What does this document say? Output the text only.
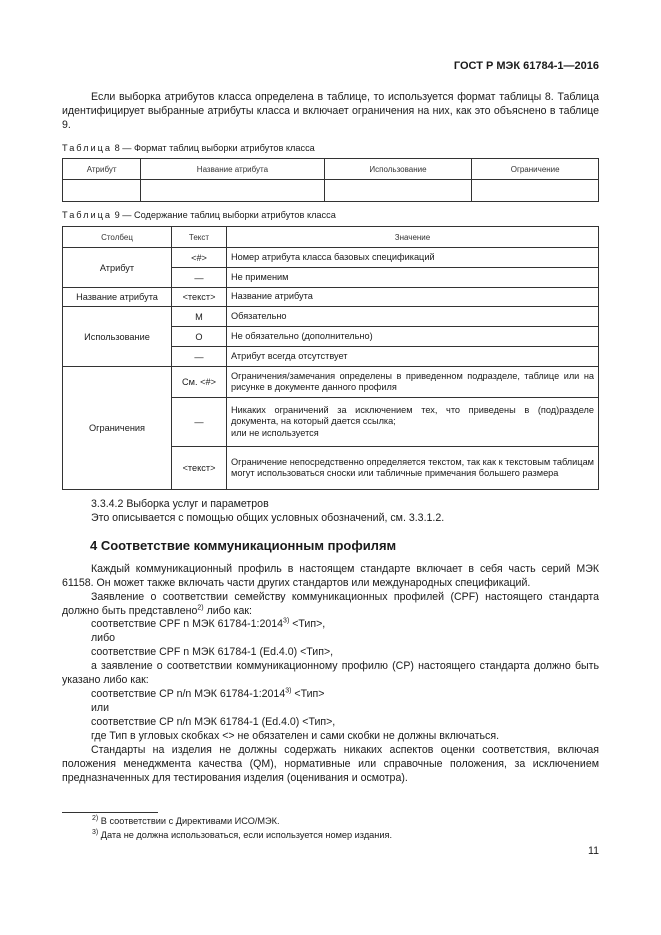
ГОСТ Р МЭК 61784-1—2016
Если выборка атрибутов класса определена в таблице, то используется формат таблицы 8. Таблица идентифицирует выбранные атрибуты класса и включает ограничения на них, как это объяснено в таблице 9.
Таблица 8 — Формат таблиц выборки атрибутов класса
Атрибут	Название атрибута	Использование	Ограничение

Таблица 9 — Содержание таблиц выборки атрибутов класса
Столбец	Текст	Значение
Атрибут	<#>	Номер атрибута класса базовых спецификаций
	—	Не применим
Название атрибута	<текст>	Название атрибута
Использование	М	Обязательно
	О	Не обязательно (дополнительно)
	—	Атрибут всегда отсутствует
Ограничения	См. <#>	Ограничения/замечания определены в приведенном подразделе, таблице или на рисунке в документе данного профиля
	—	Никаких ограничений за исключением тех, что приведены в (под)разделе документа, на который дается ссылка;
или не используется

	<текст>	Ограничение непосредственно определяется текстом, так как к текстовым таблицам могут использоваться сноски или табличные примечания большего размера
3.3.4.2 Выборка услуг и параметров
Это описывается с помощью общих условных обозначений, см. 3.3.1.2.
4 Соответствие коммуникационным профилям
Каждый коммуникационный профиль в настоящем стандарте включает в себя часть серий МЭК 61158. Он может также включать части других стандартов или международных спецификаций.
Заявление о соответствии семейству коммуникационных профилей (CPF) настоящего стандарта должно быть представлено$^{2)}$ либо как:
соответствие CPF n МЭК $61784-1:2014^{3)} <Тип>$,
либо
соответствие CPF n МЭК 61784-1 (Ed.4.0) <Тип>,
а заявление о соответствии коммуникационному профилю (CP) настоящего стандарта должно быть указано либо как:
соответствие CP n/n МЭК $61784-1:2014^{3)} <Тип>$
или
соответствие CP n/n МЭК 61784-1 (Ed.4.0) <Тип>,
где Тип в угловых скобках <> не обязателен и сами скобки не должны включаться.
Стандарты на изделия не должны содержать никаких аспектов оценки соответствия, включая положения менеджмента качества (QM), нормативные или справочные положения, за исключением предназначенных для тестирования изделия (оценивания и осмотра).
$^{2)}$ В соответствии с Директивами ИСО/МЭК.
$^{3)}$ Дата не должна использоваться, если используется номер издания.
11
